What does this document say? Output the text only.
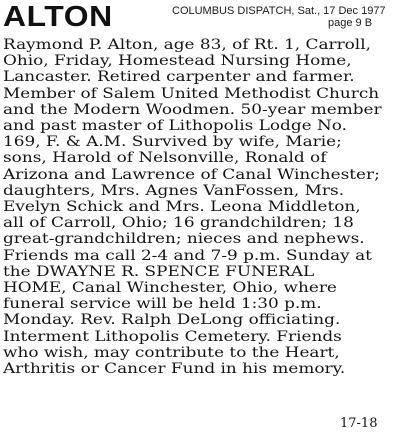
ALTON	COLUMBUS DISPATCH, Sat., 17 Dec 1977
page 9 B
Raymond P. Alton, age 83, of Rt. 1, Carroll,
Ohio, Friday, Homestead Nursing Home,
Lancaster. Retired carpenter and farmer.
Member of Salem United Methodist Church
and the Modern Woodmen. 50-year member
and past master of Lithopolis Lodge No.
169, F. & A.M. Survived by wife, Marie;
sons, Harold of Nelsonville, Ronald of
Arizona and Lawrence of Canal Winchester;
daughters, Mrs. Agnes VanFossen, Mrs.
Evelyn Schick and Mrs. Leona Middleton,
all of Carroll, Ohio; 16 grandchildren; 18
great-grandchildren; nieces and nephews.
Friends ma call 2-4 and 7-9 p.m. Sunday at
the DWAYNE R. SPENCE FUNERAL
HOME, Canal Winchester, Ohio, where
funeral service will be held 1:30 p.m.
Monday. Rev. Ralph DeLong officiating.
Interment Lithopolis Cemetery. Friends
who wish, may contribute to the Heart,
Arthritis or Cancer Fund in his memory.
17-18
